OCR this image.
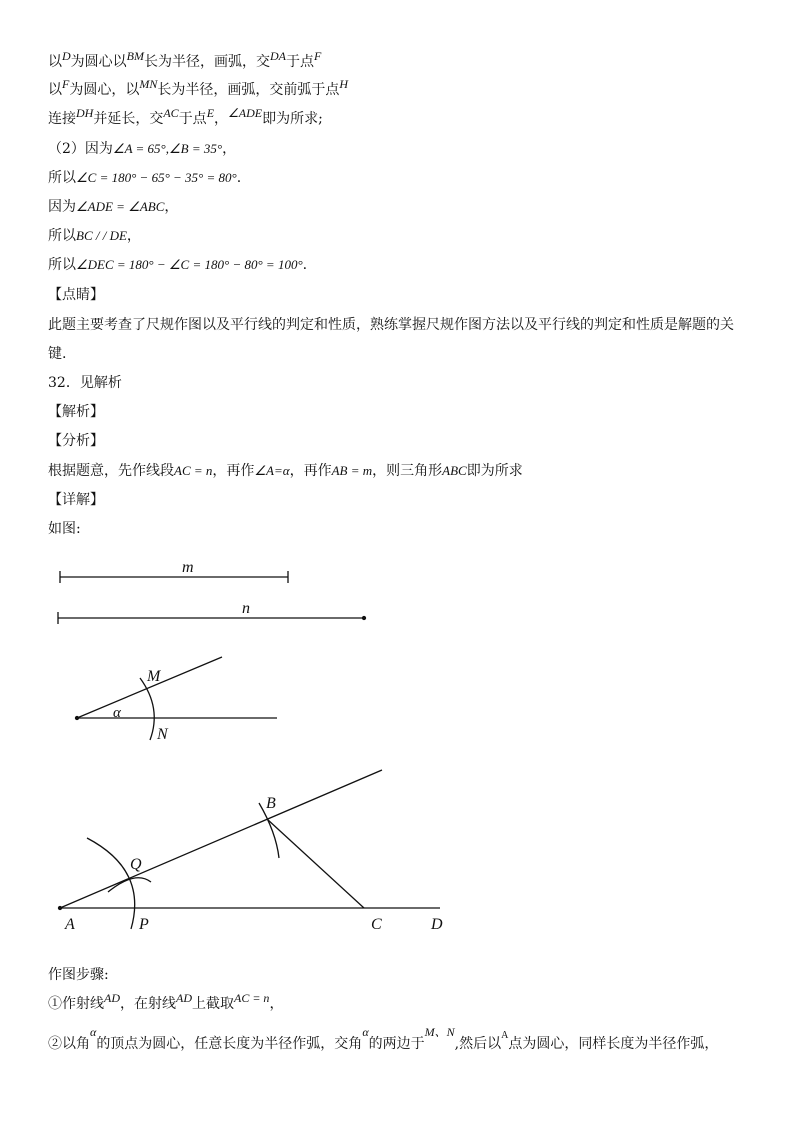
以D为圆心以BM长为半径，画弧，交DA于点F
以F为圆心，以MN长为半径，画弧，交前弧于点H
连接DH并延长，交AC于点E，∠ADE即为所求;
（2）因为∠A = 65°,∠B = 35°，
所以∠C = 180° − 65° − 35° = 80°.
因为∠ADE = ∠ABC，
所以BC / / DE，
所以∠DEC = 180° − ∠C = 180° − 80° = 100°.
【点睛】
此题主要考查了尺规作图以及平行线的判定和性质，熟练掌握尺规作图方法以及平行线的判定和性质是解题的关
键.
32．见解析
【解析】
【分析】
根据题意，先作线段AC = n，再作∠A=α，再作AB = m，则三角形ABC即为所求
【详解】
如图:
m
n
M
α
N
B
Q
A	P	C	D
作图步骤:
①作射线AD，在射线AD上截取AC = n，
②以角α的顶点为圆心，任意长度为半径作弧，交角α的两边于M、N,然后以$^A$点为圆心，同样长度为半径作弧，
